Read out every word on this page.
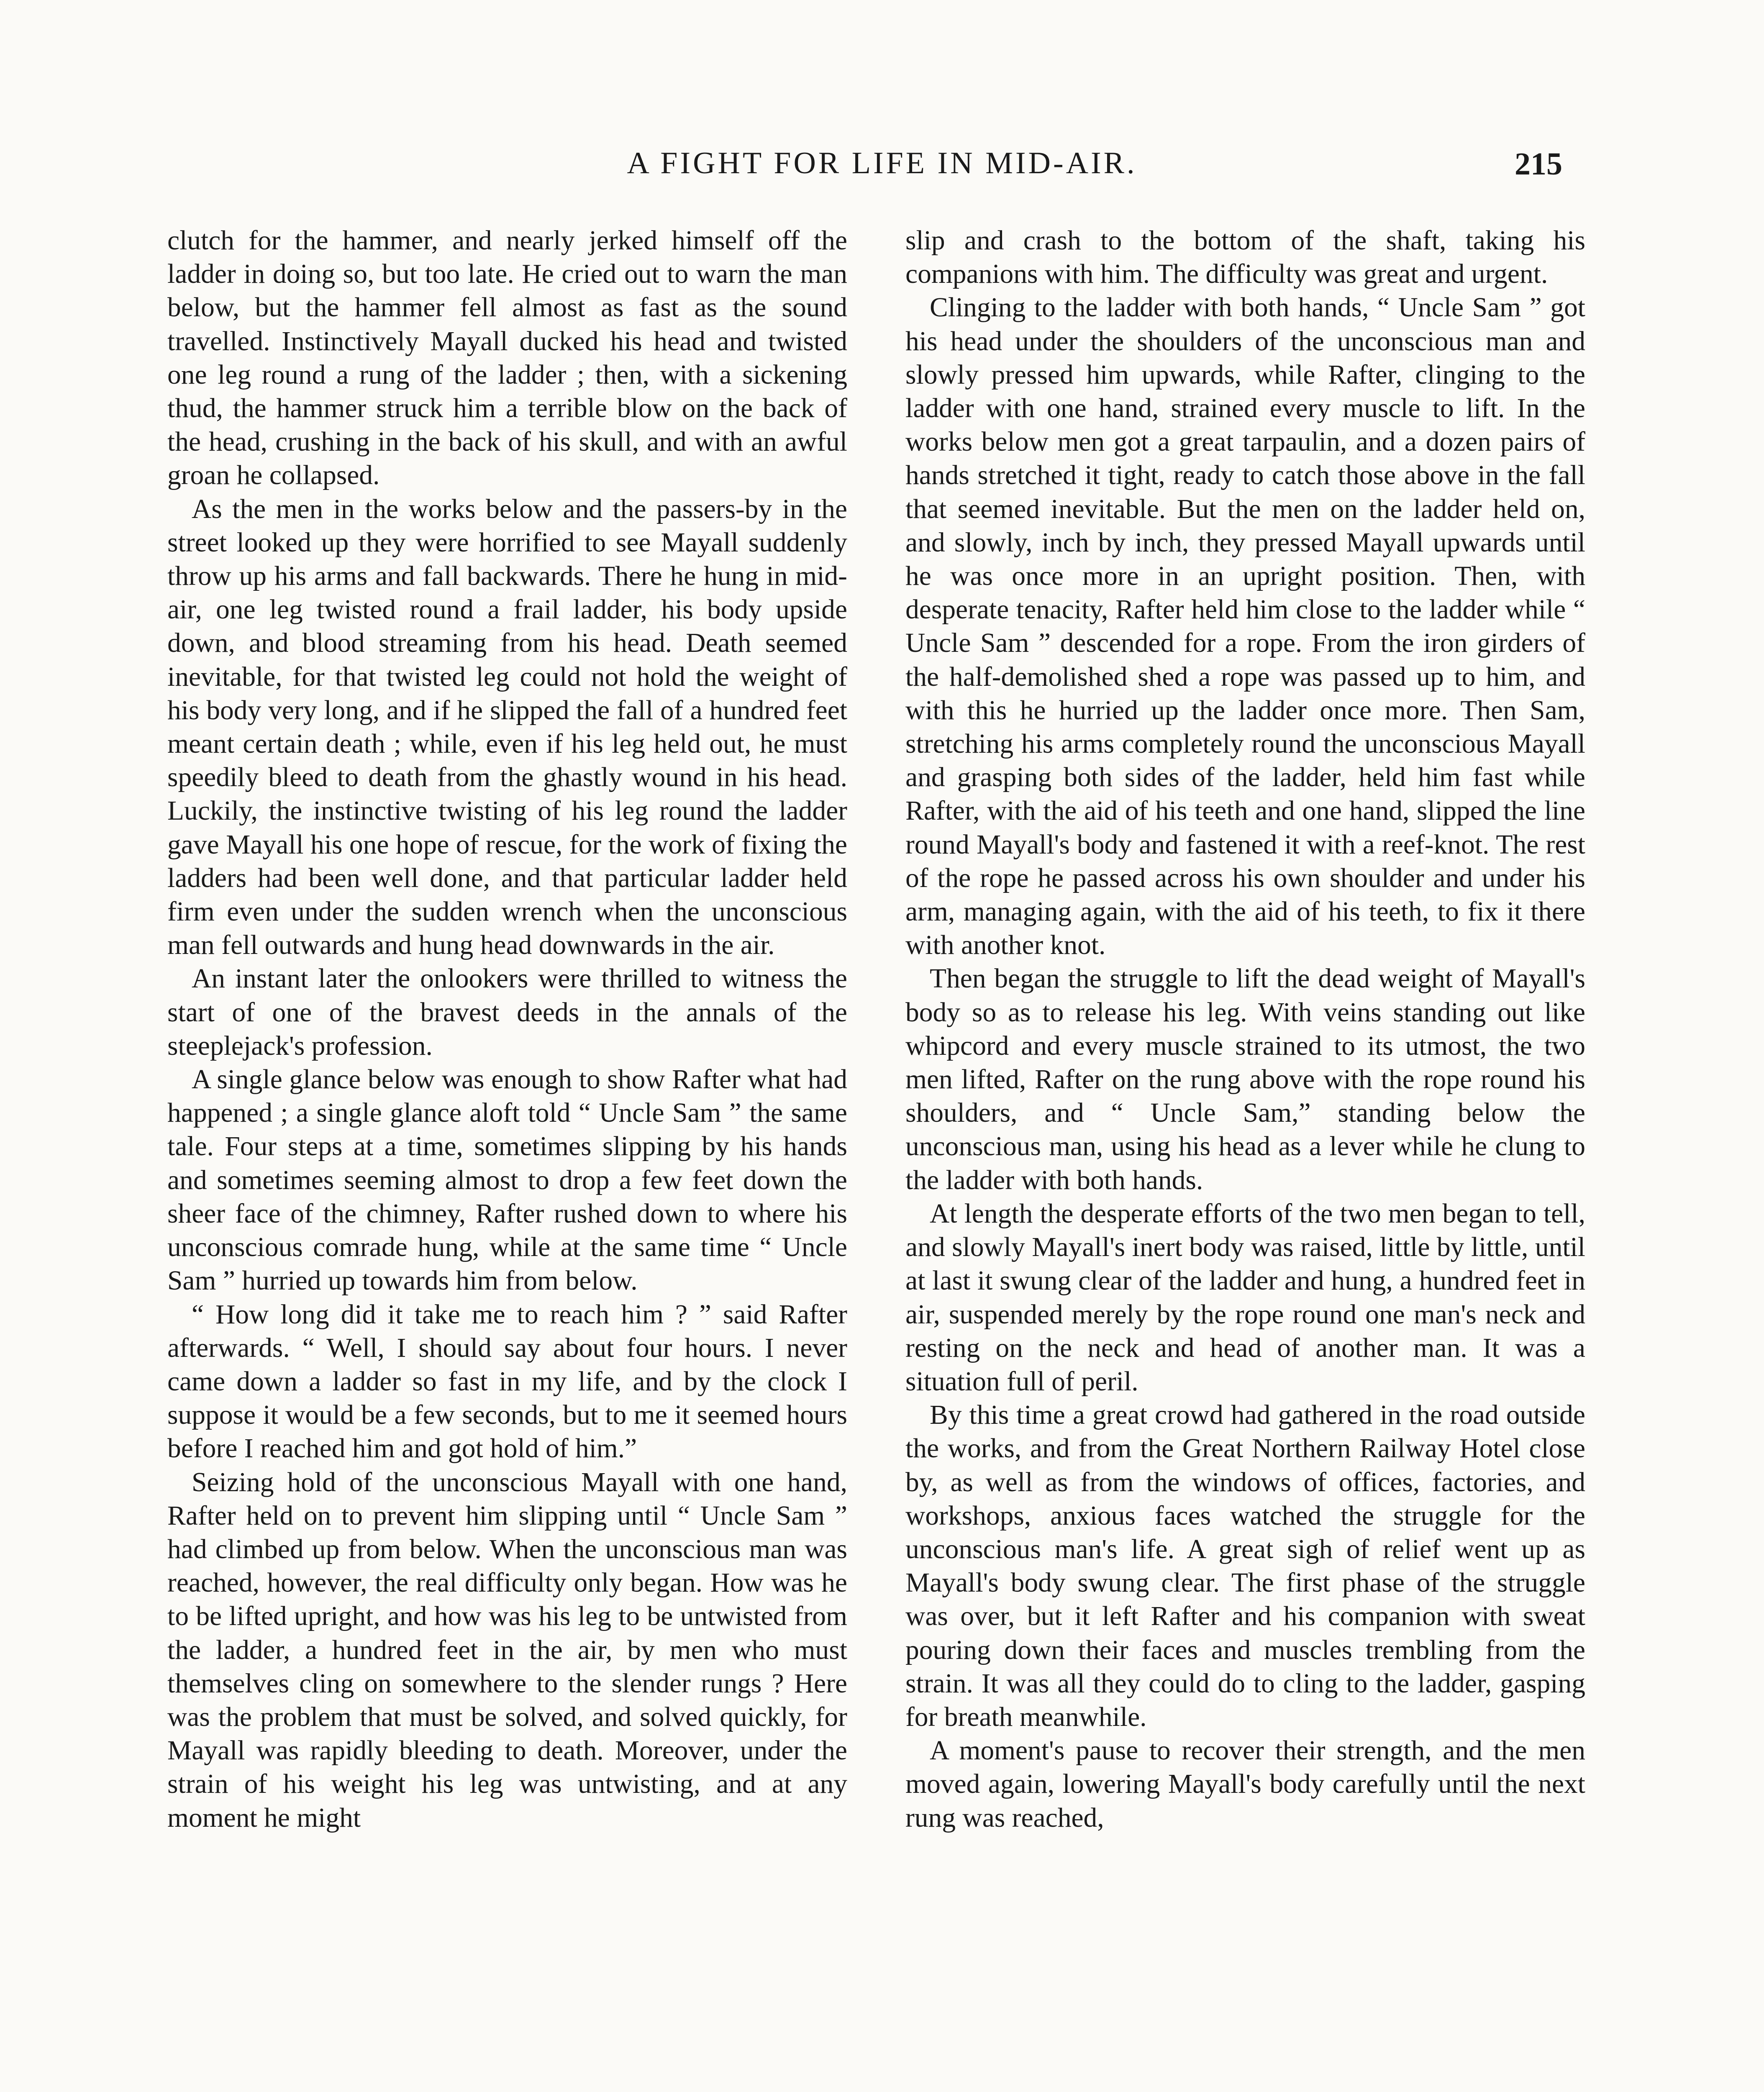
A FIGHT FOR LIFE IN MID-AIR.	215

clutch for the hammer, and nearly jerked himself off the ladder in doing so, but too late. He cried out to warn the man below, but the hammer fell almost as fast as the sound travelled. Instinctively Mayall ducked his head and twisted one leg round a rung of the ladder ; then, with a sickening thud, the hammer struck him a terrible blow on the back of the head, crushing in the back of his skull, and with an awful groan he collapsed.

As the men in the works below and the passers-by in the street looked up they were horrified to see Mayall suddenly throw up his arms and fall backwards. There he hung in mid-air, one leg twisted round a frail ladder, his body upside down, and blood streaming from his head. Death seemed inevitable, for that twisted leg could not hold the weight of his body very long, and if he slipped the fall of a hundred feet meant certain death ; while, even if his leg held out, he must speedily bleed to death from the ghastly wound in his head. Luckily, the instinctive twisting of his leg round the ladder gave Mayall his one hope of rescue, for the work of fixing the ladders had been well done, and that particular ladder held firm even under the sudden wrench when the unconscious man fell outwards and hung head downwards in the air.

An instant later the onlookers were thrilled to witness the start of one of the bravest deeds in the annals of the steeplejack's profession.

A single glance below was enough to show Rafter what had happened ; a single glance aloft told “ Uncle Sam ” the same tale. Four steps at a time, sometimes slipping by his hands and sometimes seeming almost to drop a few feet down the sheer face of the chimney, Rafter rushed down to where his unconscious comrade hung, while at the same time “ Uncle Sam ” hurried up towards him from below.

“ How long did it take me to reach him ? ” said Rafter afterwards. “ Well, I should say about four hours. I never came down a ladder so fast in my life, and by the clock I suppose it would be a few seconds, but to me it seemed hours before I reached him and got hold of him.”

Seizing hold of the unconscious Mayall with one hand, Rafter held on to prevent him slipping until “ Uncle Sam ” had climbed up from below. When the unconscious man was reached, however, the real difficulty only began. How was he to be lifted upright, and how was his leg to be untwisted from the ladder, a hundred feet in the air, by men who must themselves cling on somewhere to the slender rungs ? Here was the problem that must be solved, and solved quickly, for Mayall was rapidly bleeding to death. Moreover, under the strain of his weight his leg was untwisting, and at any moment he might

slip and crash to the bottom of the shaft, taking his companions with him. The difficulty was great and urgent.

Clinging to the ladder with both hands, “ Uncle Sam ” got his head under the shoulders of the unconscious man and slowly pressed him upwards, while Rafter, clinging to the ladder with one hand, strained every muscle to lift. In the works below men got a great tarpaulin, and a dozen pairs of hands stretched it tight, ready to catch those above in the fall that seemed inevitable. But the men on the ladder held on, and slowly, inch by inch, they pressed Mayall upwards until he was once more in an upright position. Then, with desperate tenacity, Rafter held him close to the ladder while “ Uncle Sam ” descended for a rope. From the iron girders of the half-demolished shed a rope was passed up to him, and with this he hurried up the ladder once more. Then Sam, stretching his arms completely round the unconscious Mayall and grasping both sides of the ladder, held him fast while Rafter, with the aid of his teeth and one hand, slipped the line round Mayall's body and fastened it with a reef-knot. The rest of the rope he passed across his own shoulder and under his arm, managing again, with the aid of his teeth, to fix it there with another knot.

Then began the struggle to lift the dead weight of Mayall's body so as to release his leg. With veins standing out like whipcord and every muscle strained to its utmost, the two men lifted, Rafter on the rung above with the rope round his shoulders, and “ Uncle Sam,” standing below the unconscious man, using his head as a lever while he clung to the ladder with both hands.

At length the desperate efforts of the two men began to tell, and slowly Mayall's inert body was raised, little by little, until at last it swung clear of the ladder and hung, a hundred feet in air, suspended merely by the rope round one man's neck and resting on the neck and head of another man. It was a situation full of peril.

By this time a great crowd had gathered in the road outside the works, and from the Great Northern Railway Hotel close by, as well as from the windows of offices, factories, and workshops, anxious faces watched the struggle for the unconscious man's life. A great sigh of relief went up as Mayall's body swung clear. The first phase of the struggle was over, but it left Rafter and his companion with sweat pouring down their faces and muscles trembling from the strain. It was all they could do to cling to the ladder, gasping for breath meanwhile.

A moment's pause to recover their strength, and the men moved again, lowering Mayall's body carefully until the next rung was reached,
